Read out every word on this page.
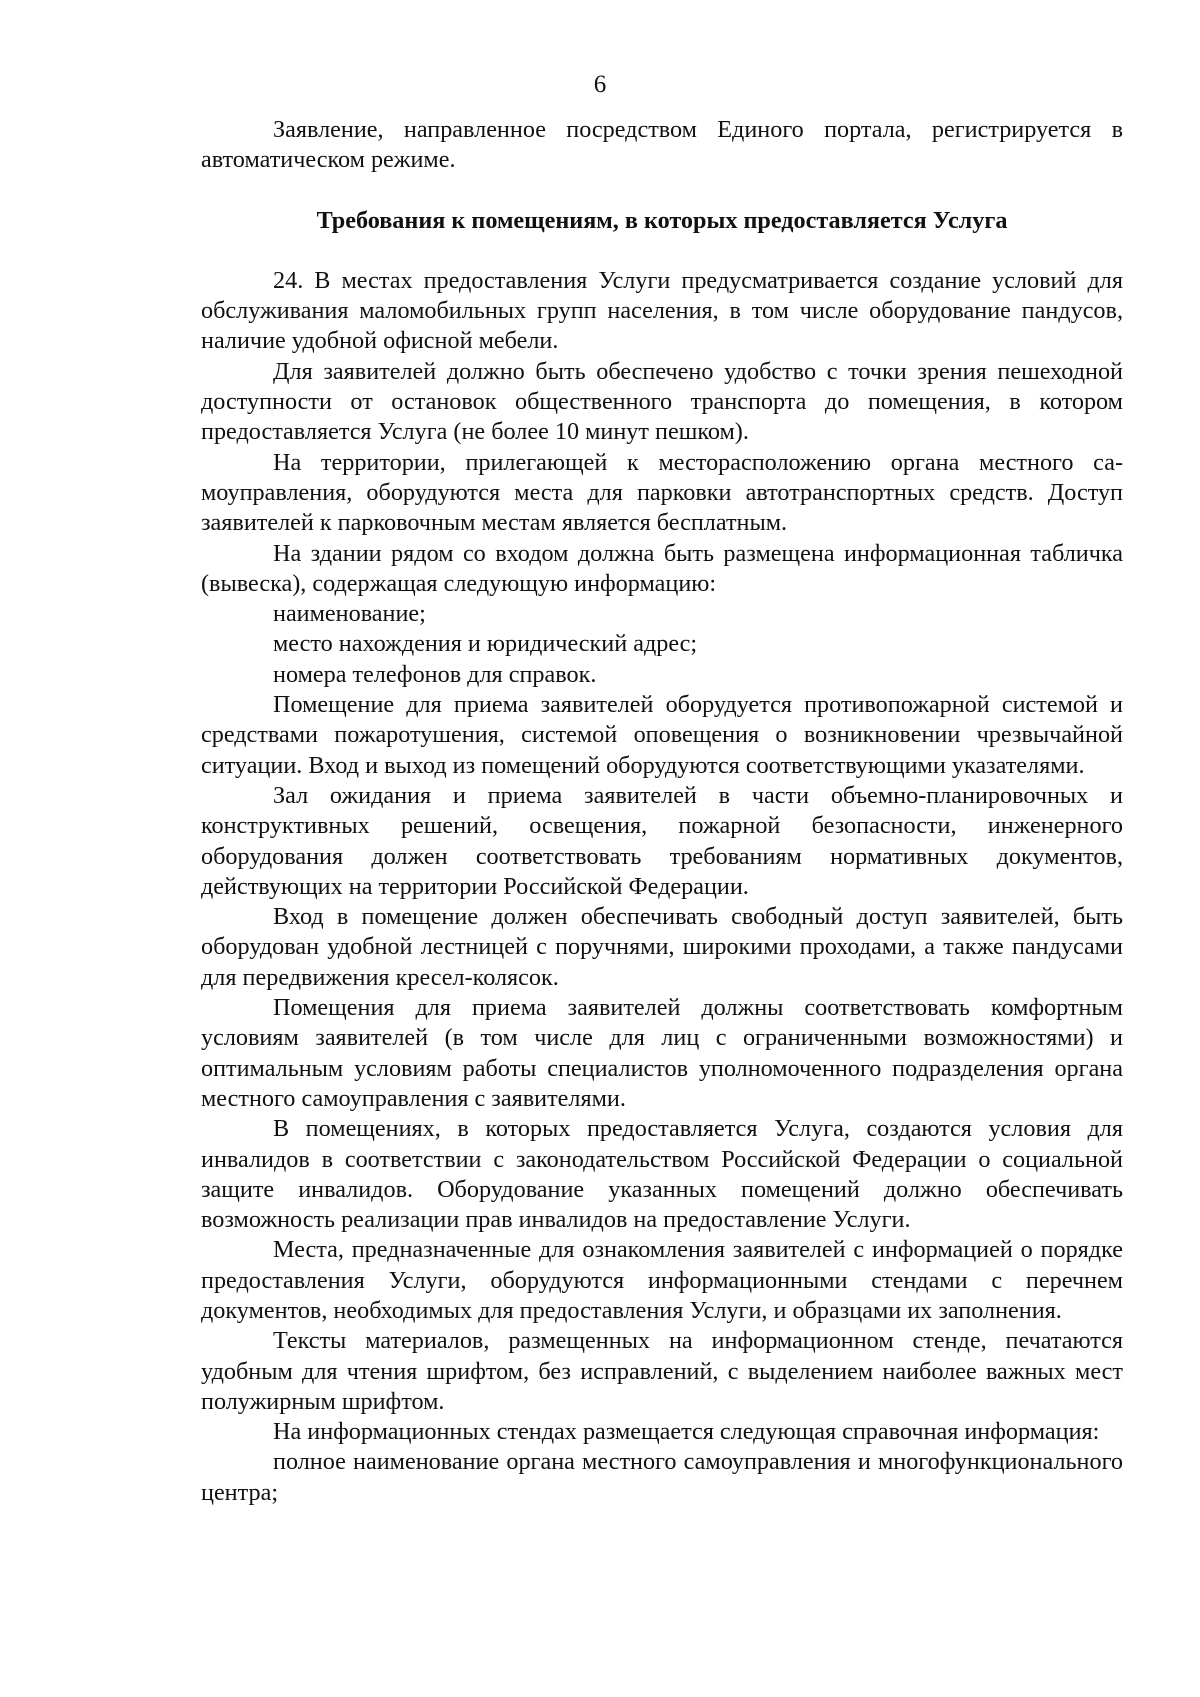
6

Заявление, направленное посредством Единого портала, регистрируется в автоматическом режиме.

Требования к помещениям, в которых предоставляется Услуга

24. В местах предоставления Услуги предусматривается создание условий для обслуживания маломобильных групп населения, в том числе оборудование пандусов, наличие удобной офисной мебели.

Для заявителей должно быть обеспечено удобство с точки зрения пешеходной доступности от остановок общественного транспорта до помещения, в котором предоставляется Услуга (не более 10 минут пешком).

На территории, прилегающей к месторасположению органа местного самоуправления, оборудуются места для парковки автотранспортных средств. Доступ заявителей к парковочным местам является бесплатным.

На здании рядом со входом должна быть размещена информационная табличка (вывеска), содержащая следующую информацию:

наименование;

место нахождения и юридический адрес;

номера телефонов для справок.

Помещение для приема заявителей оборудуется противопожарной системой и средствами пожаротушения, системой оповещения о возникновении чрезвычайной ситуации. Вход и выход из помещений оборудуются соответствующими указателями.

Зал ожидания и приема заявителей в части объемно-планировочных и конструктивных решений, освещения, пожарной безопасности, инженерного оборудования должен соответствовать требованиям нормативных документов, действующих на территории Российской Федерации.

Вход в помещение должен обеспечивать свободный доступ заявителей, быть оборудован удобной лестницей с поручнями, широкими проходами, а также пандусами для передвижения кресел-колясок.

Помещения для приема заявителей должны соответствовать комфортным условиям заявителей (в том числе для лиц с ограниченными возможностями) и оптимальным условиям работы специалистов уполномоченного подразделения органа местного самоуправления с заявителями.

В помещениях, в которых предоставляется Услуга, создаются условия для инвалидов в соответствии с законодательством Российской Федерации о социальной защите инвалидов. Оборудование указанных помещений должно обеспечивать возможность реализации прав инвалидов на предоставление Услуги.

Места, предназначенные для ознакомления заявителей с информацией о порядке предоставления Услуги, оборудуются информационными стендами с перечнем документов, необходимых для предоставления Услуги, и образцами их заполнения.

Тексты материалов, размещенных на информационном стенде, печатаются удобным для чтения шрифтом, без исправлений, с выделением наиболее важных мест полужирным шрифтом.

На информационных стендах размещается следующая справочная информация:

полное наименование органа местного самоуправления и многофункционального центра;
